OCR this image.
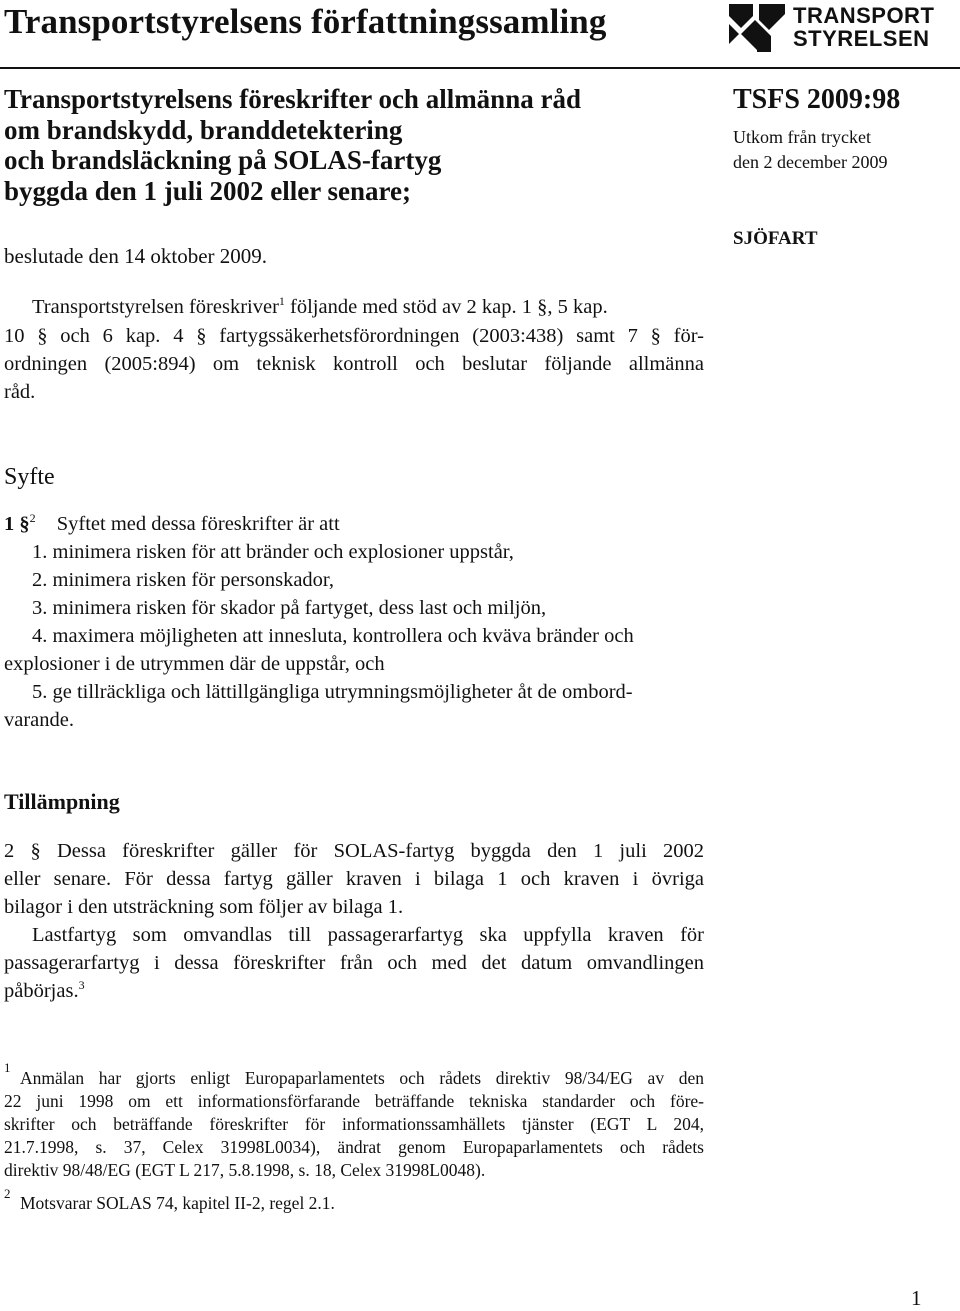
Transportstyrelsens författningssamling	TRANSPORT
STYRELSEN
Transportstyrelsens föreskrifter och allmänna råd
om brandskydd, branddetektering
och brandsläckning på SOLAS-fartyg
byggda den 1 juli 2002 eller senare;
beslutade den 14 oktober 2009.
TSFS 2009:98
Utkom från trycket
den 2 december 2009
SJÖFART
Transportstyrelsen föreskriver$^1$ följande med stöd av 2 kap. 1 §, 5 kap.
10 § och 6 kap. 4 § fartygssäkerhetsförordningen (2003:438) samt 7 § för-
ordningen (2005:894) om teknisk kontroll och beslutar följande allmänna
råd.
Syfte
1 §$^2$ Syftet med dessa föreskrifter är att
1. minimera risken för att bränder och explosioner uppstår,
2. minimera risken för personskador,
3. minimera risken för skador på fartyget, dess last och miljön,
4. maximera möjligheten att innesluta, kontrollera och kväva bränder och
explosioner i de utrymmen där de uppstår, och
5. ge tillräckliga och lättillgängliga utrymningsmöjligheter åt de ombord-
varande.
Tillämpning
2 § Dessa föreskrifter gäller för SOLAS-fartyg byggda den 1 juli 2002
eller senare. För dessa fartyg gäller kraven i bilaga 1 och kraven i övriga
bilagor i den utsträckning som följer av bilaga 1.
Lastfartyg som omvandlas till passagerarfartyg ska uppfylla kraven för
passagerarfartyg i dessa föreskrifter från och med det datum omvandlingen
påbörjas.$^3$
1
Anmälan har gjorts enligt Europaparlamentets och rådets direktiv 98/34/EG av den
22 juni 1998 om ett informationsförfarande beträffande tekniska standarder och före-
skrifter och beträffande föreskrifter för informationssamhällets tjänster (EGT L 204,
21.7.1998, s. 37, Celex 31998L0034), ändrat genom Europaparlamentets och rådets
direktiv 98/48/EG (EGT L 217, 5.8.1998, s. 18, Celex 31998L0048).
2 Motsvarar SOLAS 74, kapitel II-2, regel 2.1.
1
